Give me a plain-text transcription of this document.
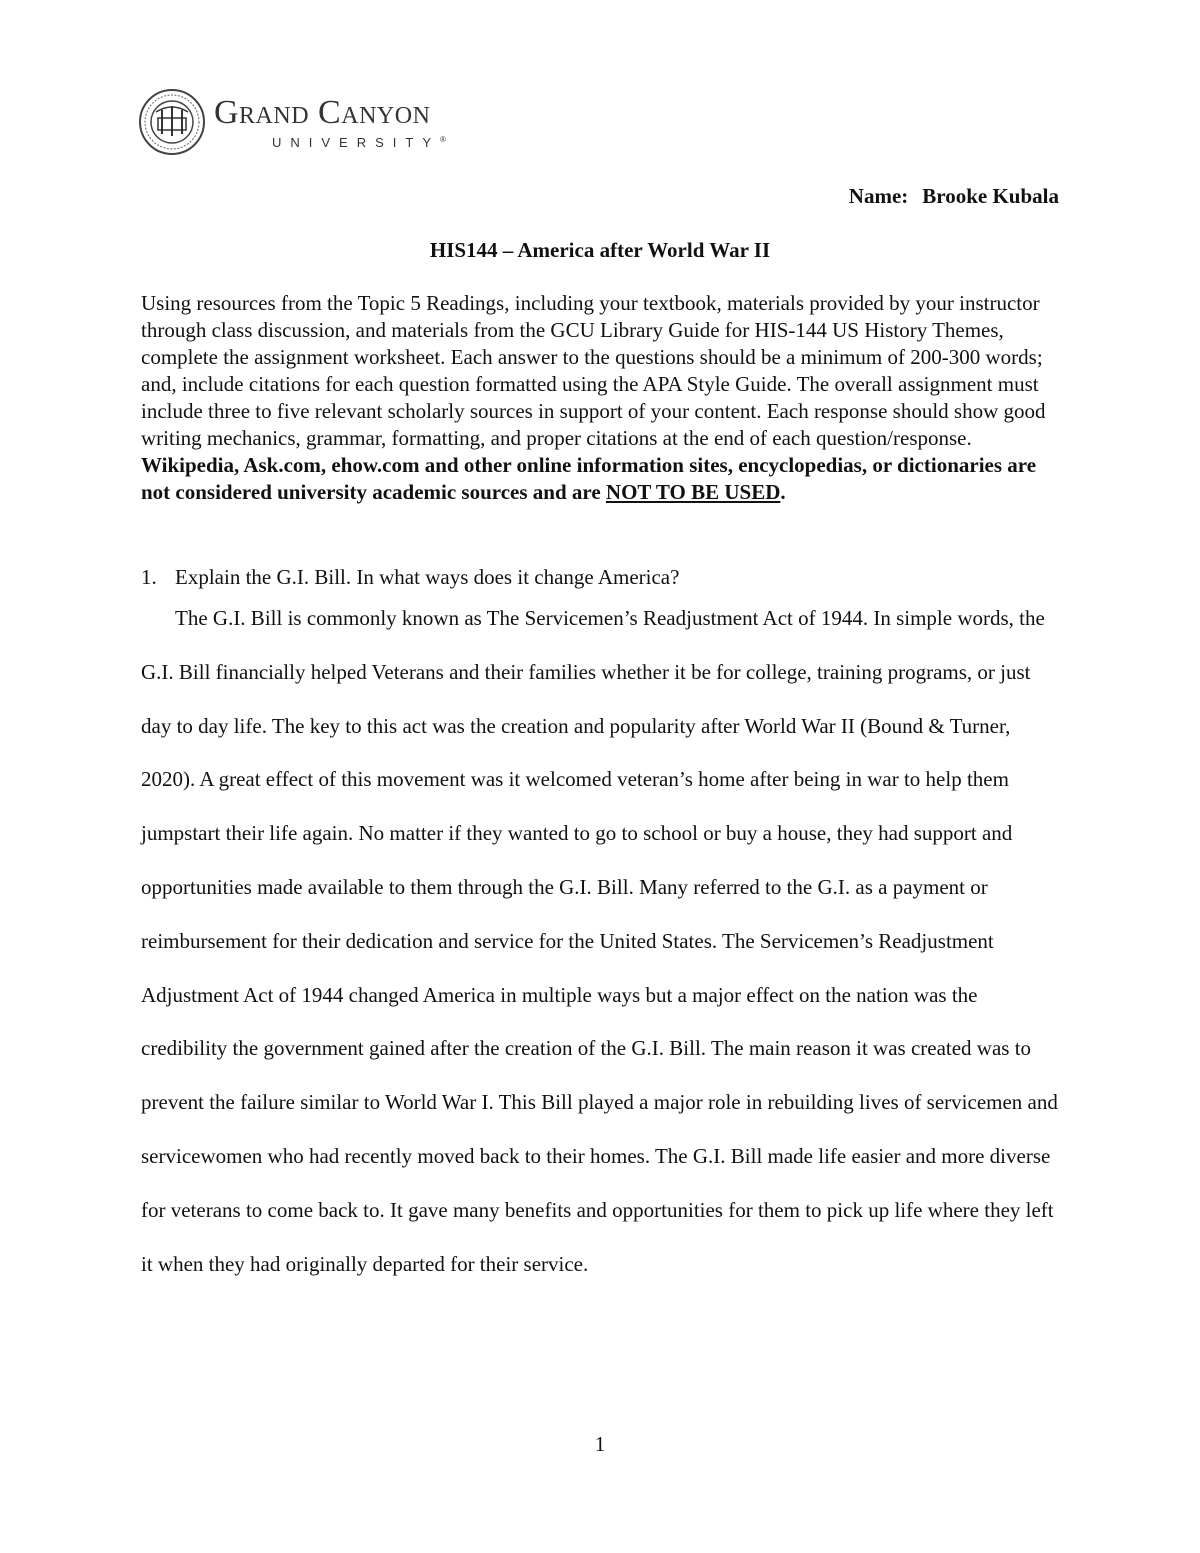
Grand Canyon
UNIVERSITY®
Name: Brooke Kubala
HIS144 – America after World War II
Using resources from the Topic 5 Readings, including your textbook, materials provided by your instructor through class discussion, and materials from the GCU Library Guide for HIS-144 US History Themes, complete the assignment worksheet. Each answer to the questions should be a minimum of 200-300 words; and, include citations for each question formatted using the APA Style Guide. The overall assignment must include three to five relevant scholarly sources in support of your content. Each response should show good writing mechanics, grammar, formatting, and proper citations at the end of each question/response. Wikipedia, Ask.com, ehow.com and other online information sites, encyclopedias, or dictionaries are not considered university academic sources and are NOT TO BE USED.
1. Explain the G.I. Bill. In what ways does it change America?
The G.I. Bill is commonly known as The Servicemen’s Readjustment Act of 1944. In simple words, the G.I. Bill financially helped Veterans and their families whether it be for college, training programs, or just day to day life. The key to this act was the creation and popularity after World War II (Bound & Turner, 2020). A great effect of this movement was it welcomed veteran’s home after being in war to help them jumpstart their life again. No matter if they wanted to go to school or buy a house, they had support and opportunities made available to them through the G.I. Bill. Many referred to the G.I. as a payment or reimbursement for their dedication and service for the United States. The Servicemen’s Readjustment Adjustment Act of 1944 changed America in multiple ways but a major effect on the nation was the credibility the government gained after the creation of the G.I. Bill. The main reason it was created was to prevent the failure similar to World War I. This Bill played a major role in rebuilding lives of servicemen and servicewomen who had recently moved back to their homes. The G.I. Bill made life easier and more diverse for veterans to come back to. It gave many benefits and opportunities for them to pick up life where they left it when they had originally departed for their service.
1
